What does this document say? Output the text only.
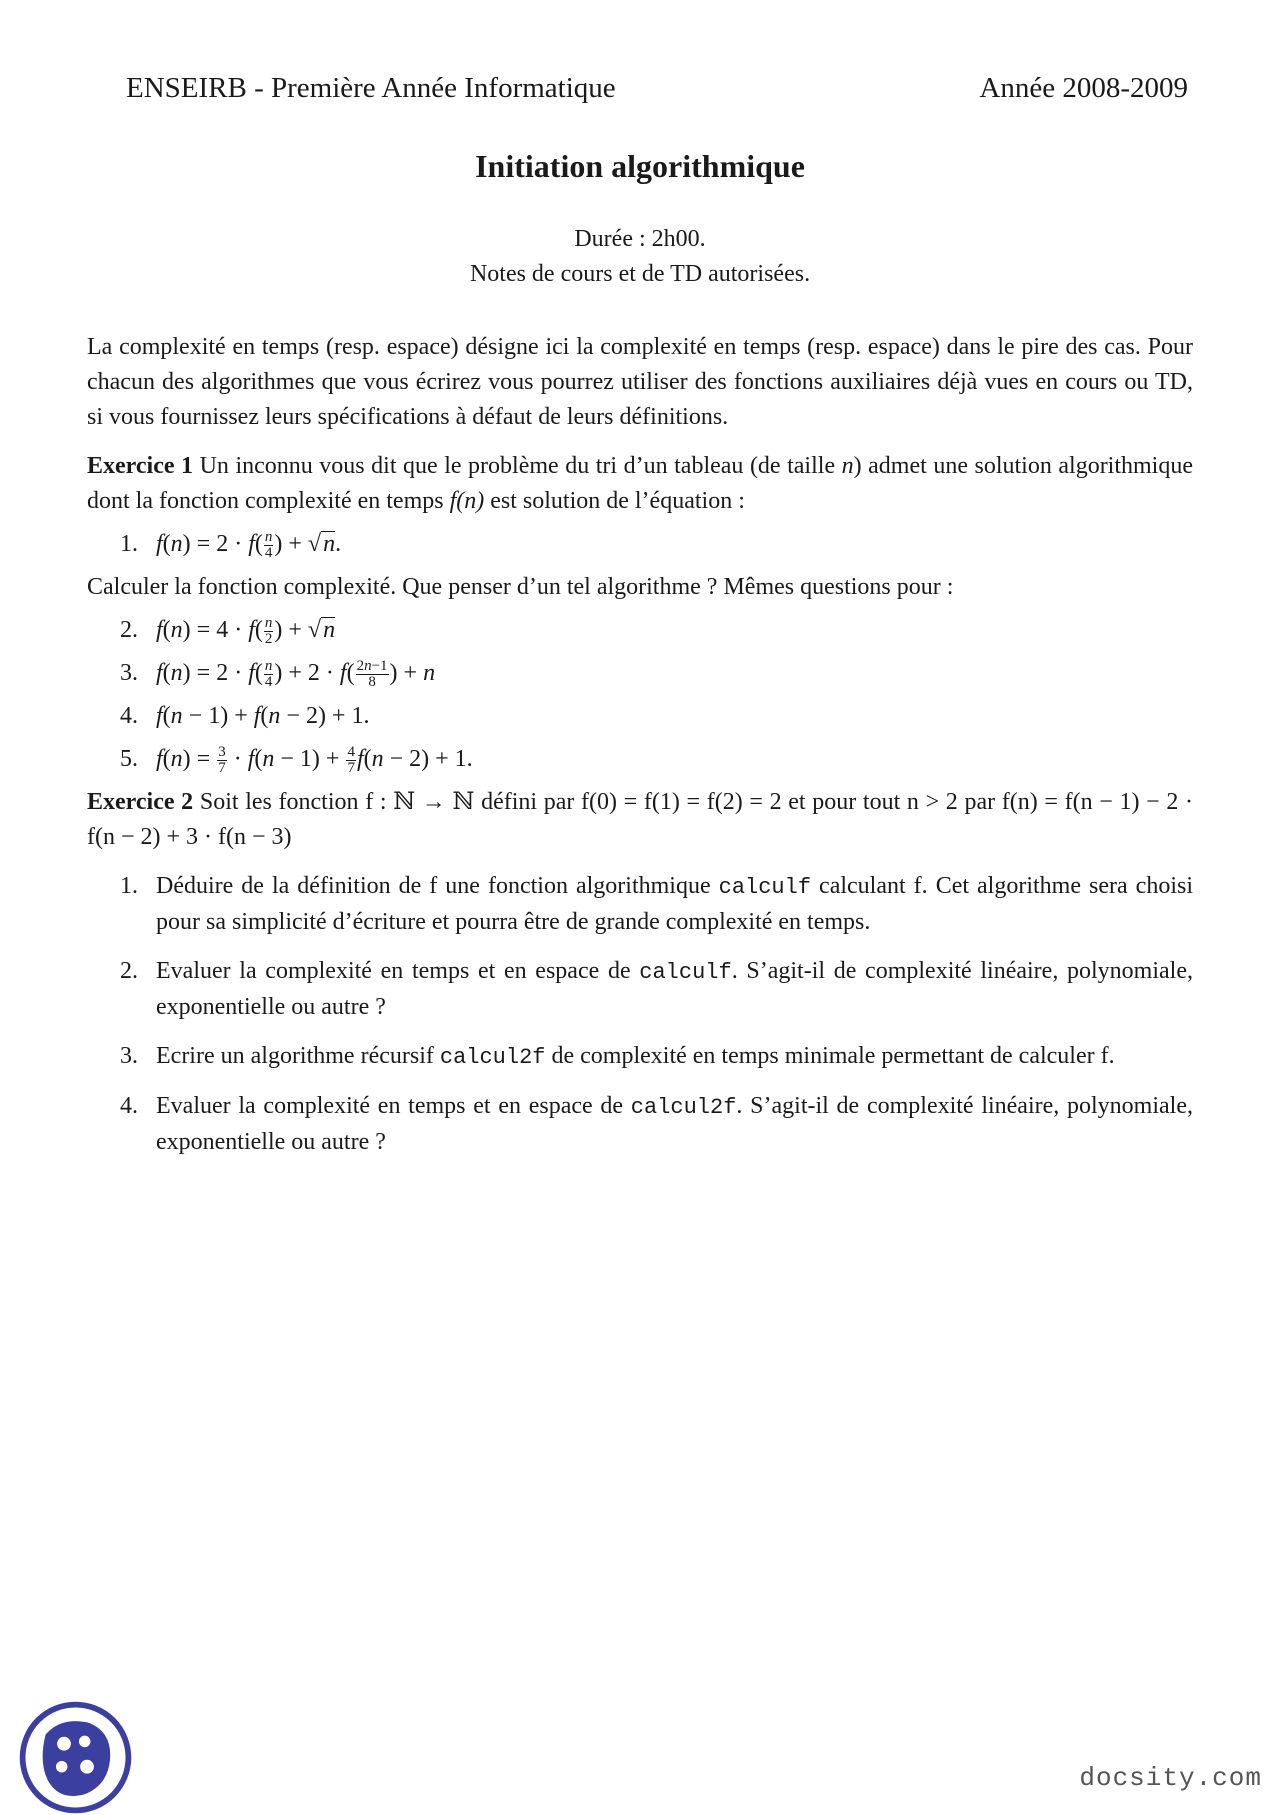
ENSEIRB - Première Année Informatique	Année 2008-2009
Initiation algorithmique
Durée : 2h00.
Notes de cours et de TD autorisées.

La complexité en temps (resp. espace) désigne ici la complexité en temps (resp. espace) dans le pire des cas. Pour chacun des algorithmes que vous écrirez vous pourrez utiliser des fonctions auxiliaires déjà vues en cours ou TD, si vous fournissez leurs spécifications à défaut de leurs définitions.

Exercice 1 Un inconnu vous dit que le problème du tri d’un tableau (de taille n) admet une solution algorithmique dont la fonction complexité en temps f(n) est solution de l’équation :

1. $f(n) = 2 \cdot f( \frac{n}{4}$ ) + √n.

Calculer la fonction complexité. Que penser d’un tel algorithme ? Mêmes questions pour :

2. $f(n) = 4 \cdot f( \frac{n}{2}$ ) + √n
3. $f(n) = 2 \cdot f( \frac{n}{4}$ ) + $2 \cdot f( \frac{2n-1}{8}$ ) + n
4. f(n − 1) + f(n − 2) + 1.
5. $f(n) = \frac{3}{7} \cdot f(n - 1) + \frac{4}{7} f(n - 2) + 1$.

Exercice 2 Soit les fonction f : ℕ → ℕ défini par f(0) = f(1) = f(2) = 2 et pour tout n > 2 par f(n) = f(n − 1) − 2 · f(n − 2) + 3 · f(n − 3)

1. Déduire de la définition de f une fonction algorithmique calculf calculant f. Cet algorithme sera choisi pour sa simplicité d’écriture et pourra être de grande complexité en temps.
2. Evaluer la complexité en temps et en espace de calculf. S’agit-il de complexité linéaire, polynomiale, exponentielle ou autre ?
3. Ecrire un algorithme récursif calcul2f de complexité en temps minimale permettant de calculer f.
4. Evaluer la complexité en temps et en espace de calcul2f. S’agit-il de complexité linéaire, polynomiale, exponentielle ou autre ?
docsity.com
